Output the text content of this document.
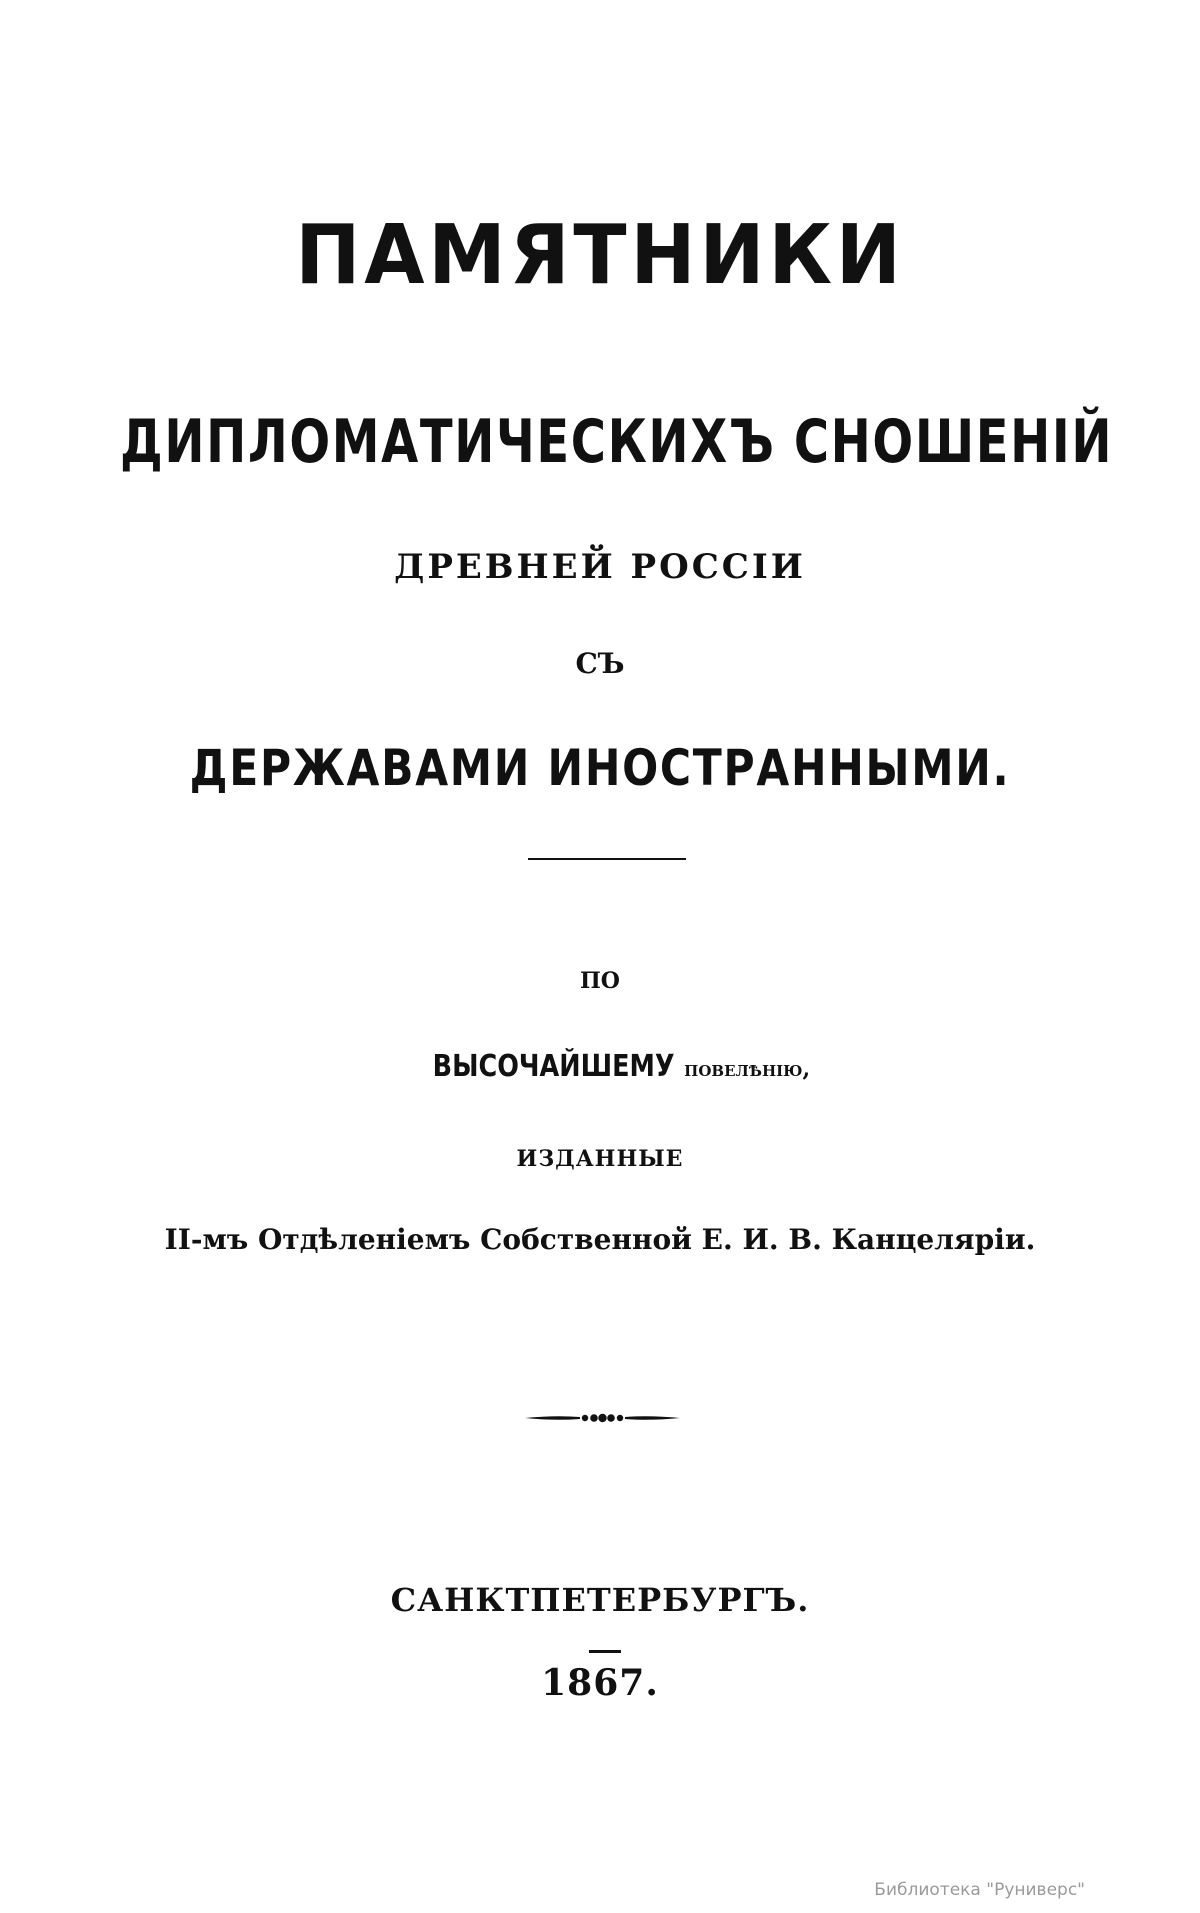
ПАМЯТНИКИ
ДИПЛОМАТИЧЕСКИХЪ СНОШЕНІЙ
ДРЕВНЕЙ РОССІИ
СЪ
ДЕРЖАВАМИ ИНОСТРАННЫМИ.
ПО
ВЫСОЧАЙШЕМУ повелѣнію,
ИЗДАННЫЕ
II-мъ Отдѣленіемъ Собственной Е. И. В. Канцеляріи.
САНКТПЕТЕРБУРГЪ.
1867.
Библиотека "Руниверс"
